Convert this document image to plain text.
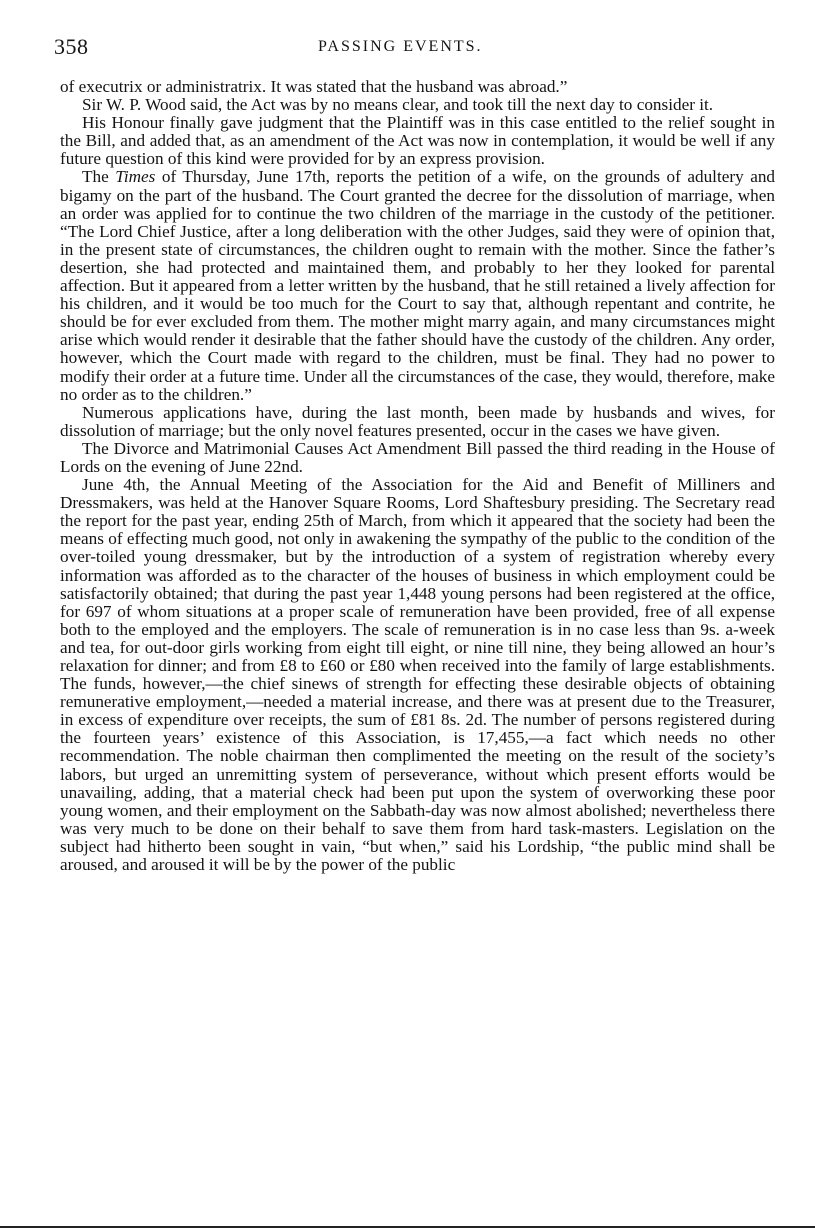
358	PASSING EVENTS.

of executrix or administratrix. It was stated that the husband was abroad.”

Sir W. P. Wood said, the Act was by no means clear, and took till the next day to consider it.

His Honour finally gave judgment that the Plaintiff was in this case entitled to the relief sought in the Bill, and added that, as an amendment of the Act was now in contemplation, it would be well if any future question of this kind were provided for by an express provision.

The Times of Thursday, June 17th, reports the petition of a wife, on the grounds of adultery and bigamy on the part of the husband. The Court granted the decree for the dissolution of marriage, when an order was applied for to continue the two children of the marriage in the custody of the petitioner. “The Lord Chief Justice, after a long deliberation with the other Judges, said they were of opinion that, in the present state of circumstances, the children ought to remain with the mother. Since the father’s desertion, she had protected and maintained them, and probably to her they looked for parental affection. But it appeared from a letter written by the husband, that he still retained a lively affection for his children, and it would be too much for the Court to say that, although repentant and contrite, he should be for ever excluded from them. The mother might marry again, and many circumstances might arise which would render it desirable that the father should have the custody of the children. Any order, however, which the Court made with regard to the children, must be final. They had no power to modify their order at a future time. Under all the circumstances of the case, they would, therefore, make no order as to the children.”

Numerous applications have, during the last month, been made by husbands and wives, for dissolution of marriage; but the only novel features presented, occur in the cases we have given.

The Divorce and Matrimonial Causes Act Amendment Bill passed the third reading in the House of Lords on the evening of June 22nd.

June 4th, the Annual Meeting of the Association for the Aid and Benefit of Milliners and Dressmakers, was held at the Hanover Square Rooms, Lord Shaftesbury presiding. The Secretary read the report for the past year, ending 25th of March, from which it appeared that the society had been the means of effecting much good, not only in awakening the sympathy of the public to the condition of the over-toiled young dressmaker, but by the introduction of a system of registration whereby every information was afforded as to the character of the houses of business in which employment could be satisfactorily obtained; that during the past year 1,448 young persons had been registered at the office, for 697 of whom situations at a proper scale of remuneration have been provided, free of all expense both to the employed and the employers. The scale of remuneration is in no case less than 9s. a-week and tea, for out-door girls working from eight till eight, or nine till nine, they being allowed an hour’s relaxation for dinner; and from £8 to £60 or £80 when received into the family of large establishments. The funds, however,—the chief sinews of strength for effecting these desirable objects of obtaining remunerative employment,—needed a material increase, and there was at present due to the Treasurer, in excess of expenditure over receipts, the sum of £81 8s. 2d. The number of persons registered during the fourteen years’ existence of this Association, is 17,455,—a fact which needs no other recommendation. The noble chairman then complimented the meeting on the result of the society’s labors, but urged an unremitting system of perseverance, without which present efforts would be unavailing, adding, that a material check had been put upon the system of overworking these poor young women, and their employment on the Sabbath-day was now almost abolished; nevertheless there was very much to be done on their behalf to save them from hard task-masters. Legislation on the subject had hitherto been sought in vain, “but when,” said his Lordship, “the public mind shall be aroused, and aroused it will be by the power of the public
